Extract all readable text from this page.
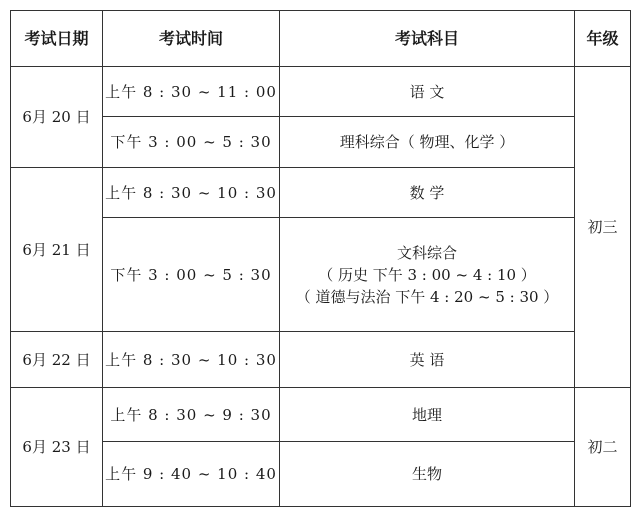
考试日期	考试时间	考试科目	年级
6月 20 日	上午 8 : 30 ~ 11 : 00	语 文	初三
	下午 3 : 00 ~ 5 : 30	理科综合（ 物理、化学 ）	
6月 21 日	上午 8 : 30 ~ 10 : 30	数 学	
	下午 3 : 00 ~ 5 : 30	文科综合
（ 历史 下午 3 : 00 ~ 4 : 10 ）
（ 道德与法治 下午 4 : 20 ~ 5 : 30 ）	

6月 22 日	上午 8 : 30 ~ 10 : 30	英 语	
6月 23 日	上午 8 : 30 ~ 9 : 30	地理	初二
	上午 9 : 40 ~ 10 : 40	生物	
